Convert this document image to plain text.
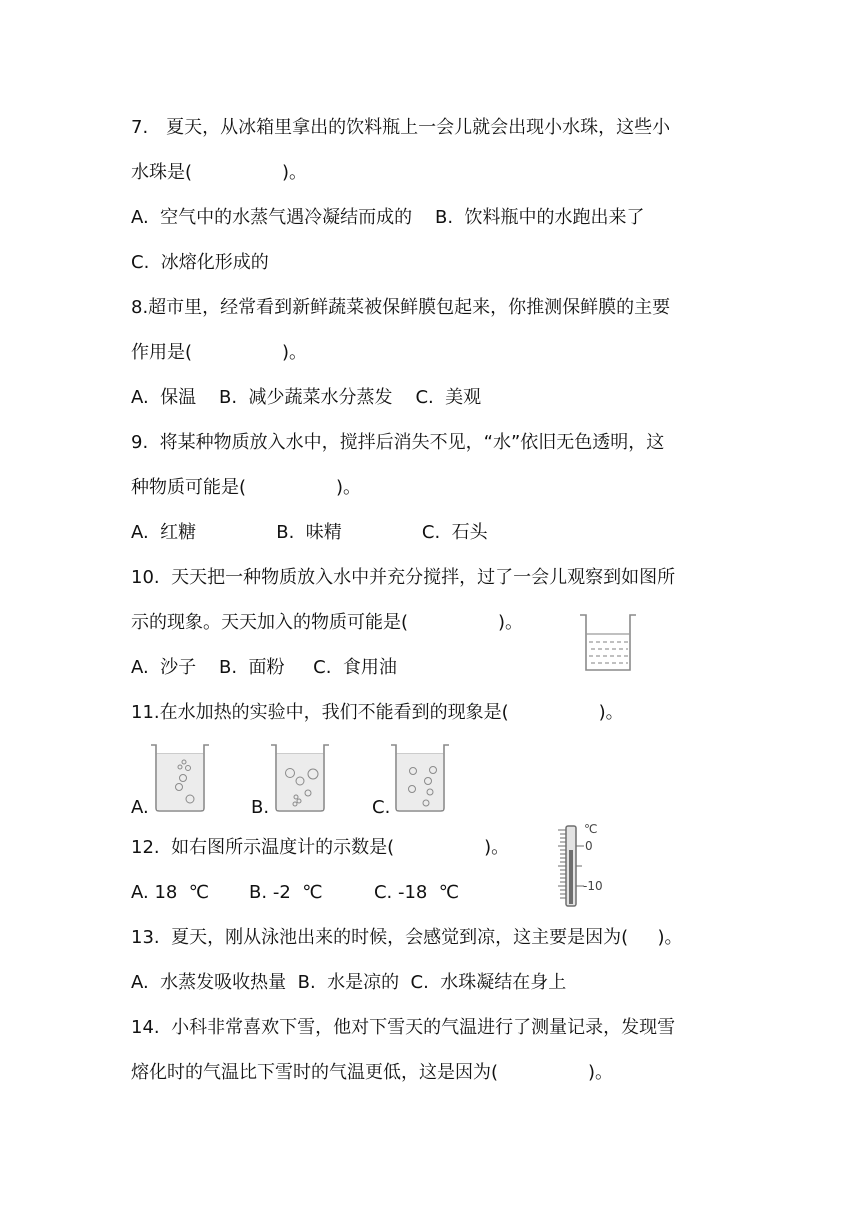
7.　夏天，从冰箱里拿出的饮料瓶上一会儿就会出现小水珠，这些小
水珠是(　　　　　)。
A.  空气中的水蒸气遇冷凝结而成的    B.  饮料瓶中的水跑出来了
C.  冰熔化形成的
8.超市里，经常看到新鲜蔬菜被保鲜膜包起来，你推测保鲜膜的主要
作用是(　　　　　)。
A.  保温    B.  减少蔬菜水分蒸发    C.  美观
9.  将某种物质放入水中，搅拌后消失不见，“水”依旧无色透明，这
种物质可能是(　　　　　)。
A.  红糖              B.  味精              C.  石头
10.  天天把一种物质放入水中并充分搅拌，过了一会儿观察到如图所
示的现象。天天加入的物质可能是(　　　　　)。
A.  沙子    B.  面粉     C.  食用油
11.在水加热的实验中，我们不能看到的现象是(　　　　　)。
A.	B.	C.
12.  如右图所示温度计的示数是(　　　　　)。
A. 18  ℃       B. -2  ℃         C. -18  ℃
℃
0
-10
13.  夏天，刚从泳池出来的时候，会感觉到凉，这主要是因为(　  )。
A.  水蒸发吸收热量  B.  水是凉的  C.  水珠凝结在身上
14.  小科非常喜欢下雪，他对下雪天的气温进行了测量记录，发现雪
熔化时的气温比下雪时的气温更低，这是因为(　　　　　)。
